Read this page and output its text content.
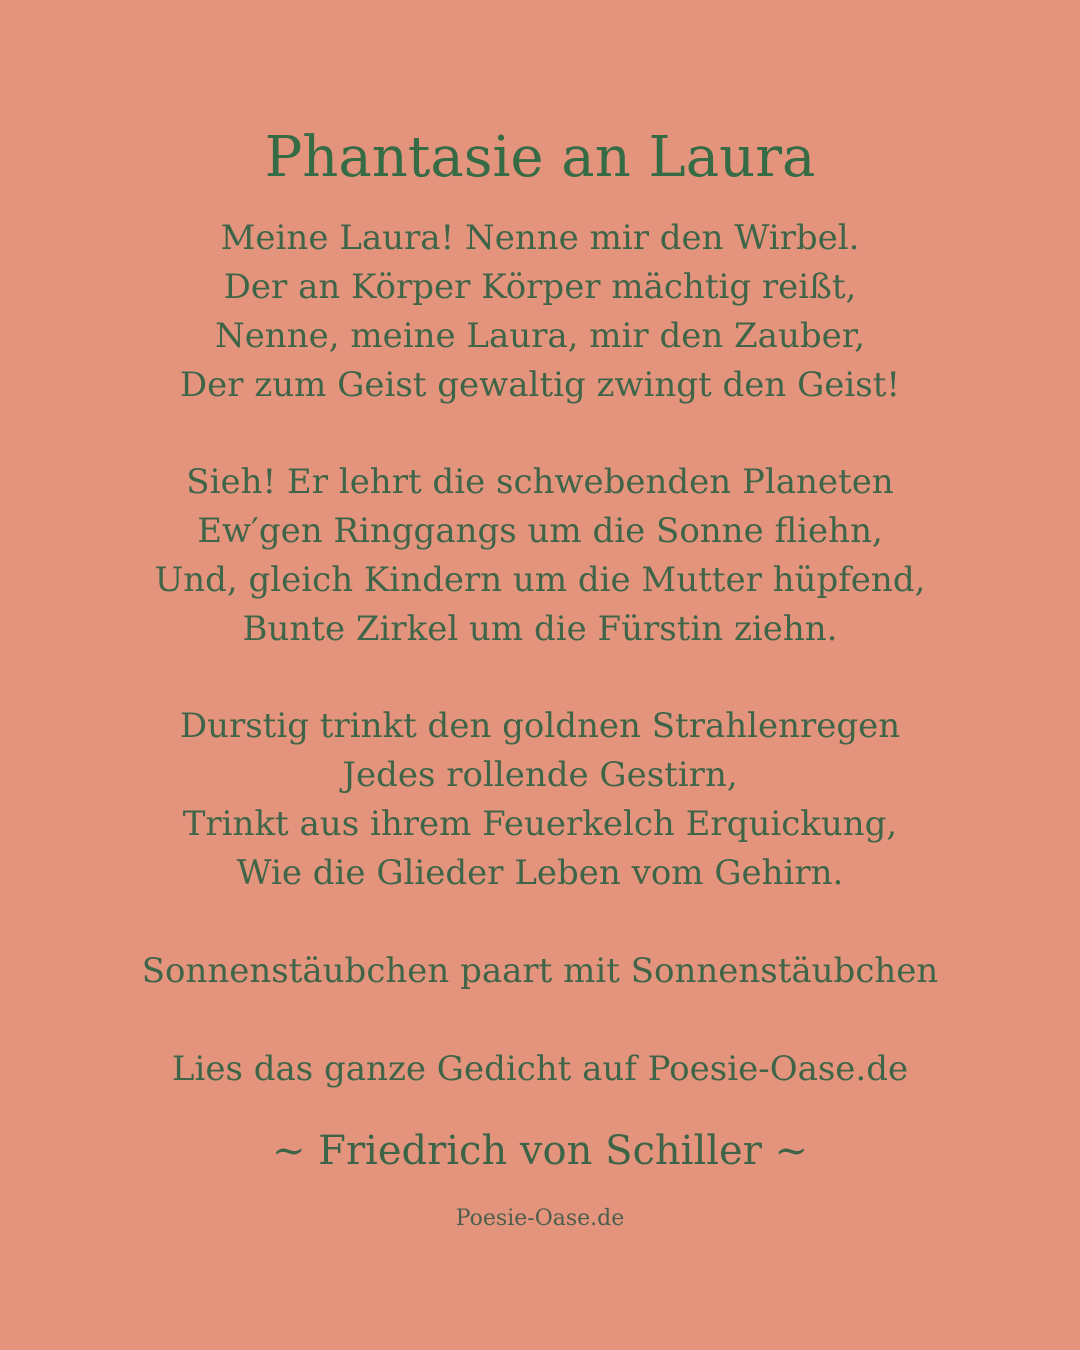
Phantasie an Laura
Meine Laura! Nenne mir den Wirbel.
Der an Körper Körper mächtig reißt,
Nenne, meine Laura, mir den Zauber,
Der zum Geist gewaltig zwingt den Geist!
Sieh! Er lehrt die schwebenden Planeten
Ew′gen Ringgangs um die Sonne fliehn,
Und, gleich Kindern um die Mutter hüpfend,
Bunte Zirkel um die Fürstin ziehn.
Durstig trinkt den goldnen Strahlenregen
Jedes rollende Gestirn,
Trinkt aus ihrem Feuerkelch Erquickung,
Wie die Glieder Leben vom Gehirn.
Sonnenstäubchen paart mit Sonnenstäubchen
Lies das ganze Gedicht auf Poesie-Oase.de
~ Friedrich von Schiller ~
Poesie-Oase.de
